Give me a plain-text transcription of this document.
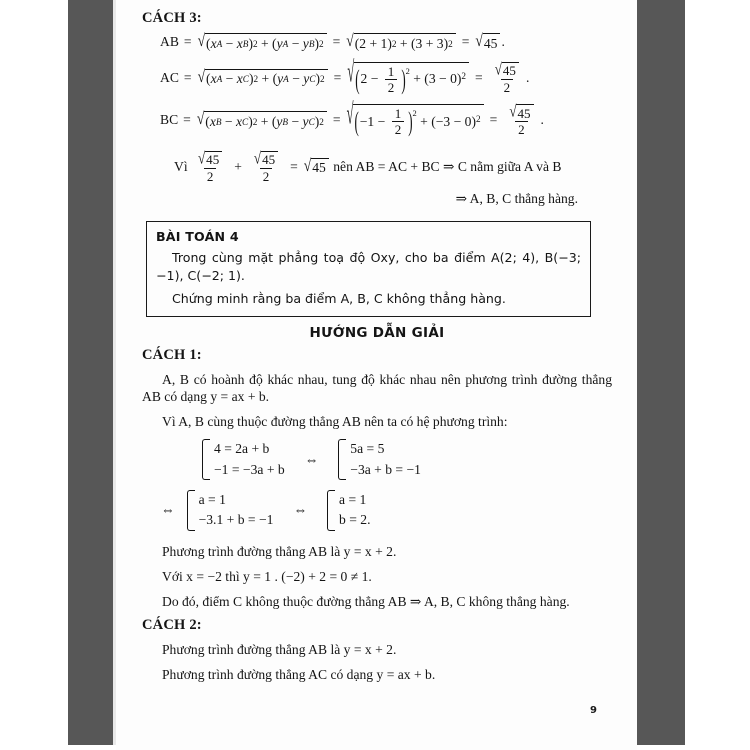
CÁCH 3:
AB = √ ( x A − x B ) 2 + ( y A − y B ) 2 = √ (2 + 1) 2 + (3 + 3) 2 = √ 45 .
AC = √ ( x A − x C ) 2 + ( y A − y C ) 2 = √ ( $2 - \frac{1}{2}$ ) 2
+ $(3 - 0)^2 = \frac{√ 45}{2}$ .
BC = √ ( x B − x C ) 2 + ( y B − y C ) 2 = √ ( $-1 - \frac{1}{2}$ ) 2
+ $(-3 - 0)^2 = \frac{√ 45}{2}$ .
Vì
$\frac{√ 45}{2} + \frac{√ 45}{2}$ = √ 45 nên AB = AC + BC ⇒ C nằm giữa A và B
⇒ A, B, C thẳng hàng.
BÀI TOÁN 4

Trong cùng mặt phẳng toạ độ Oxy, cho ba điểm A(2; 4), B(−3; −1), C(−2; 1).

Chứng minh rằng ba điểm A, B, C không thẳng hàng.

HƯỚNG DẪN GIẢI
CÁCH 1:

A, B có hoành độ khác nhau, tung độ khác nhau nên phương trình đường thẳng AB có dạng y = ax + b.

Vì A, B cùng thuộc đường thẳng AB nên ta có hệ phương trình:

4 = 2a + b
−1 = −3a + b
⇔
5a = 5
−3a + b = −1
⇔
a = 1
−3.1 + b = −1
⇔
a = 1
b = 2.

Phương trình đường thẳng AB là y = x + 2.

Với x = −2 thì y = 1 . (−2) + 2 = 0 ≠ 1.

Do đó, điểm C không thuộc đường thẳng AB ⇒ A, B, C không thẳng hàng.

CÁCH 2:

Phương trình đường thẳng AB là y = x + 2.

Phương trình đường thẳng AC có dạng y = ax + b.

9
